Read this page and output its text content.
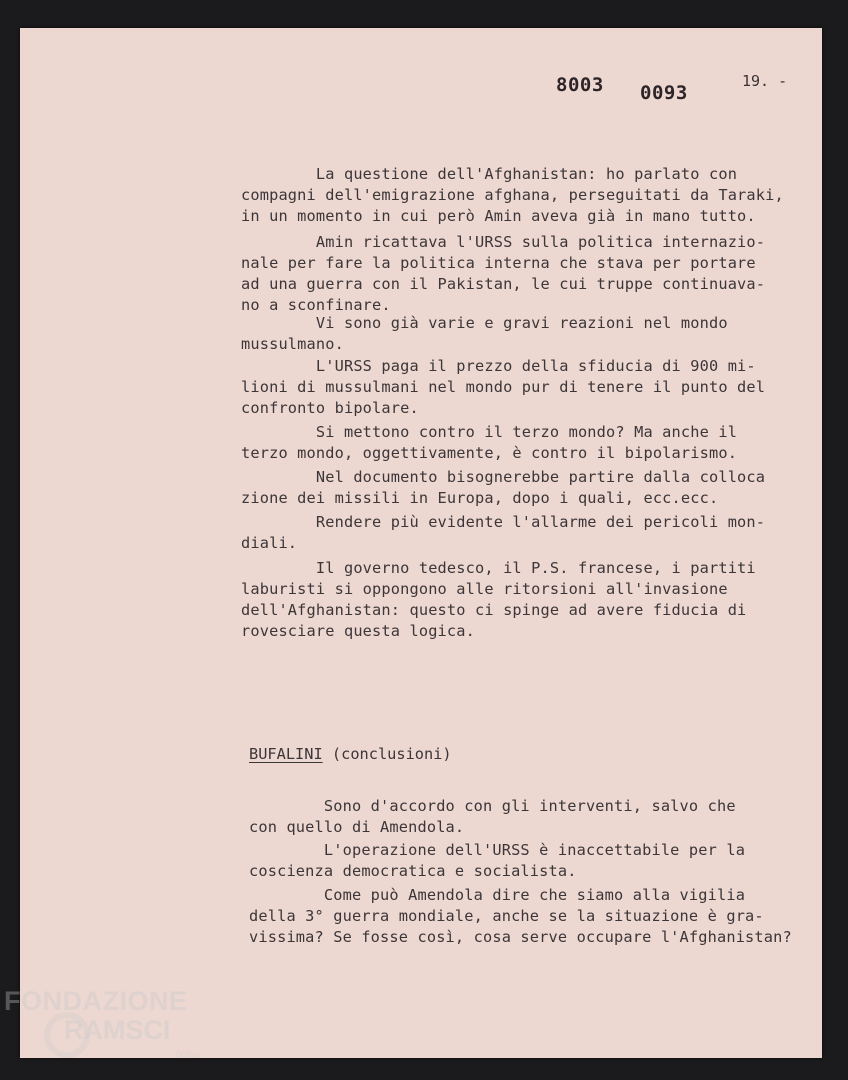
8003 0093
19. -

La questione dell'Afghanistan: ho parlato con
compagni dell'emigrazione afghana, perseguitati da Taraki,
in un momento in cui però Amin aveva già in mano tutto.

Amin ricattava l'URSS sulla politica internazio-
nale per fare la politica interna che stava per portare
ad una guerra con il Pakistan, le cui truppe continuava-
no a sconfinare.

Vi sono già varie e gravi reazioni nel mondo
mussulmano.

L'URSS paga il prezzo della sfiducia di 900 mi-
lioni di mussulmani nel mondo pur di tenere il punto del
confronto bipolare.

Si mettono contro il terzo mondo? Ma anche il
terzo mondo, oggettivamente, è contro il bipolarismo.

Nel documento bisognerebbe partire dalla colloca
zione dei missili in Europa, dopo i quali, ecc.ecc.

Rendere più evidente l'allarme dei pericoli mon-
diali.

Il governo tedesco, il P.S. francese, i partiti
laburisti si oppongono alle ritorsioni all'invasione
dell'Afghanistan: questo ci spinge ad avere fiducia di
rovesciare questa logica.

BUFALINI (conclusioni)

Sono d'accordo con gli interventi, salvo che
con quello di Amendola.

L'operazione dell'URSS è inaccettabile per la
coscienza democratica e socialista.

Come può Amendola dire che siamo alla vigilia
della 3° guerra mondiale, anche se la situazione è gra-
vissima? Se fosse così, cosa serve occupare l'Afghanistan?

FONDAZIONE
RAMSCI
onlus
